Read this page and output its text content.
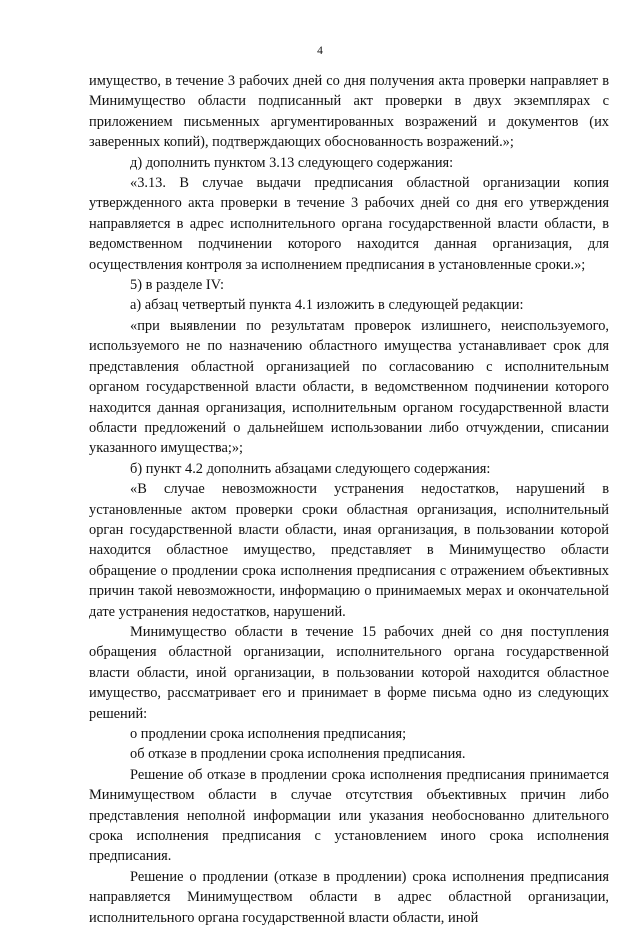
4

имущество, в течение 3 рабочих дней со дня получения акта проверки направляет в Минимущество области подписанный акт проверки в двух экземплярах с приложением письменных аргументированных возражений и документов (их заверенных копий), подтверждающих обоснованность возражений.»;

д) дополнить пунктом 3.13 следующего содержания:

«3.13. В случае выдачи предписания областной организации копия утвержденного акта проверки в течение 3 рабочих дней со дня его утверждения направляется в адрес исполнительного органа государственной власти области, в ведомственном подчинении которого находится данная организация, для осуществления контроля за исполнением предписания в установленные сроки.»;

5) в разделе IV:

а) абзац четвертый пункта 4.1 изложить в следующей редакции:

«при выявлении по результатам проверок излишнего, неиспользуемого, используемого не по назначению областного имущества устанавливает срок для представления областной организацией по согласованию с исполнительным органом государственной власти области, в ведомственном подчинении которого находится данная организация, исполнительным органом государственной власти области предложений о дальнейшем использовании либо отчуждении, списании указанного имущества;»;

б) пункт 4.2 дополнить абзацами следующего содержания:

«В случае невозможности устранения недостатков, нарушений в установленные актом проверки сроки областная организация, исполнительный орган государственной власти области, иная организация, в пользовании которой находится областное имущество, представляет в Минимущество области обращение о продлении срока исполнения предписания с отражением объективных причин такой невозможности, информацию о принимаемых мерах и окончательной дате устранения недостатков, нарушений.

Минимущество области в течение 15 рабочих дней со дня поступления обращения областной организации, исполнительного органа государственной власти области, иной организации, в пользовании которой находится областное имущество, рассматривает его и принимает в форме письма одно из следующих решений:

о продлении срока исполнения предписания;

об отказе в продлении срока исполнения предписания.

Решение об отказе в продлении срока исполнения предписания принимается Минимуществом области в случае отсутствия объективных причин либо представления неполной информации или указания необоснованно длительного срока исполнения предписания с установлением иного срока исполнения предписания.

Решение о продлении (отказе в продлении) срока исполнения предписания направляется Минимуществом области в адрес областной организации, исполнительного органа государственной власти области, иной
